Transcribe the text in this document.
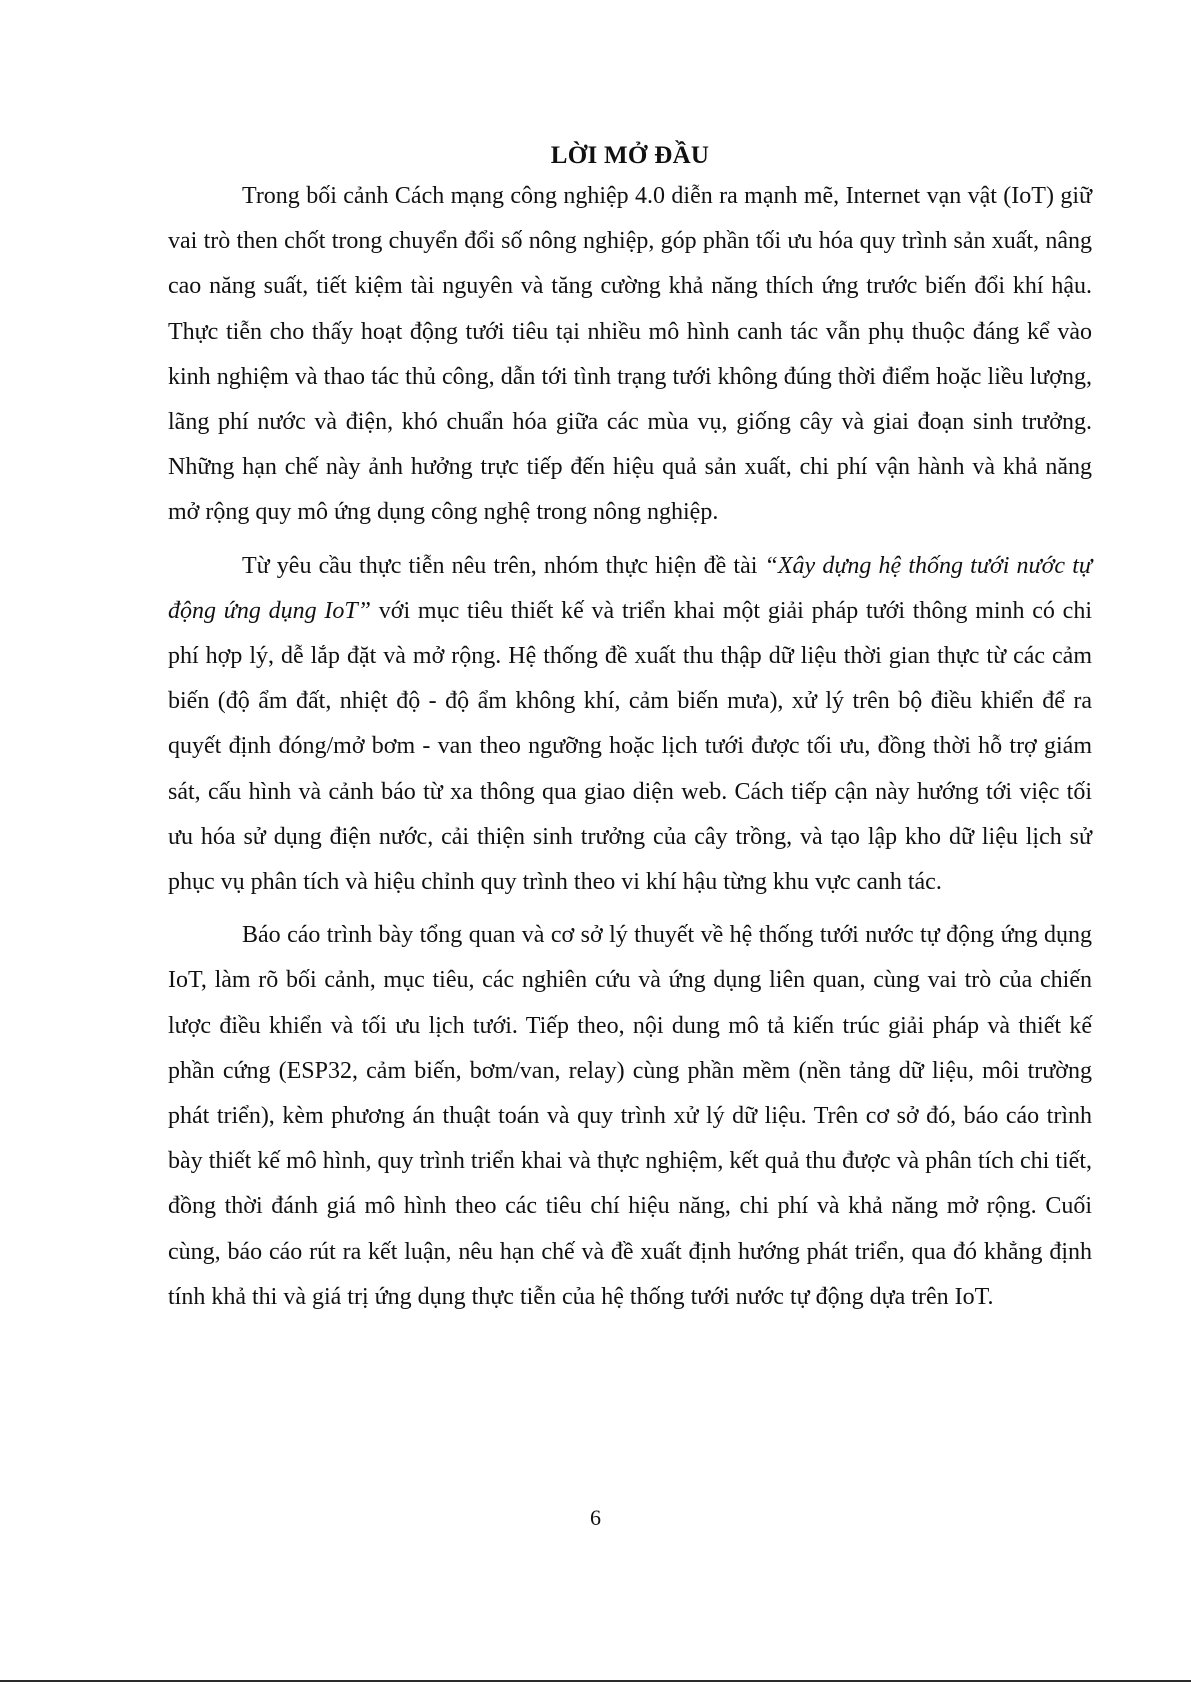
LỜI MỞ ĐẦU

Trong bối cảnh Cách mạng công nghiệp 4.0 diễn ra mạnh mẽ, Internet vạn vật (IoT) giữ vai trò then chốt trong chuyển đổi số nông nghiệp, góp phần tối ưu hóa quy trình sản xuất, nâng cao năng suất, tiết kiệm tài nguyên và tăng cường khả năng thích ứng trước biến đổi khí hậu. Thực tiễn cho thấy hoạt động tưới tiêu tại nhiều mô hình canh tác vẫn phụ thuộc đáng kể vào kinh nghiệm và thao tác thủ công, dẫn tới tình trạng tưới không đúng thời điểm hoặc liều lượng, lãng phí nước và điện, khó chuẩn hóa giữa các mùa vụ, giống cây và giai đoạn sinh trưởng. Những hạn chế này ảnh hưởng trực tiếp đến hiệu quả sản xuất, chi phí vận hành và khả năng mở rộng quy mô ứng dụng công nghệ trong nông nghiệp.

Từ yêu cầu thực tiễn nêu trên, nhóm thực hiện đề tài “Xây dựng hệ thống tưới nước tự động ứng dụng IoT” với mục tiêu thiết kế và triển khai một giải pháp tưới thông minh có chi phí hợp lý, dễ lắp đặt và mở rộng. Hệ thống đề xuất thu thập dữ liệu thời gian thực từ các cảm biến (độ ẩm đất, nhiệt độ - độ ẩm không khí, cảm biến mưa), xử lý trên bộ điều khiển để ra quyết định đóng/mở bơm - van theo ngưỡng hoặc lịch tưới được tối ưu, đồng thời hỗ trợ giám sát, cấu hình và cảnh báo từ xa thông qua giao diện web. Cách tiếp cận này hướng tới việc tối ưu hóa sử dụng điện nước, cải thiện sinh trưởng của cây trồng, và tạo lập kho dữ liệu lịch sử phục vụ phân tích và hiệu chỉnh quy trình theo vi khí hậu từng khu vực canh tác.

Báo cáo trình bày tổng quan và cơ sở lý thuyết về hệ thống tưới nước tự động ứng dụng IoT, làm rõ bối cảnh, mục tiêu, các nghiên cứu và ứng dụng liên quan, cùng vai trò của chiến lược điều khiển và tối ưu lịch tưới. Tiếp theo, nội dung mô tả kiến trúc giải pháp và thiết kế phần cứng (ESP32, cảm biến, bơm/van, relay) cùng phần mềm (nền tảng dữ liệu, môi trường phát triển), kèm phương án thuật toán và quy trình xử lý dữ liệu. Trên cơ sở đó, báo cáo trình bày thiết kế mô hình, quy trình triển khai và thực nghiệm, kết quả thu được và phân tích chi tiết, đồng thời đánh giá mô hình theo các tiêu chí hiệu năng, chi phí và khả năng mở rộng. Cuối cùng, báo cáo rút ra kết luận, nêu hạn chế và đề xuất định hướng phát triển, qua đó khẳng định tính khả thi và giá trị ứng dụng thực tiễn của hệ thống tưới nước tự động dựa trên IoT.

6
